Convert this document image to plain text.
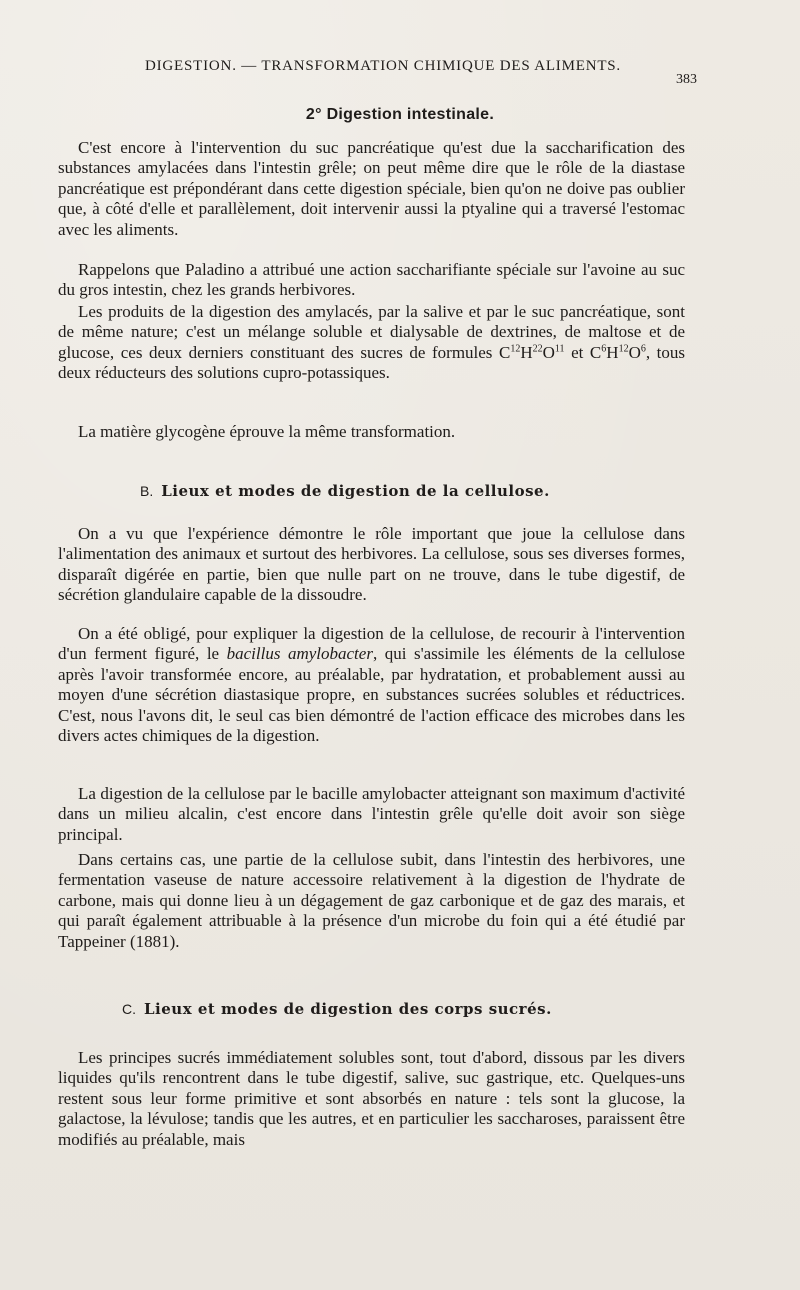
DIGESTION. — TRANSFORMATION CHIMIQUE DES ALIMENTS.
383
2° Digestion intestinale.

C'est encore à l'intervention du suc pancréatique qu'est due la saccharification des substances amylacées dans l'intestin grêle; on peut même dire que le rôle de la diastase pancréatique est prépondérant dans cette digestion spéciale, bien qu'on ne doive pas oublier que, à côté d'elle et parallèlement, doit intervenir aussi la ptyaline qui a traversé l'estomac avec les aliments.

Rappelons que Paladino a attribué une action saccharifiante spéciale sur l'avoine au suc du gros intestin, chez les grands herbivores.

Les produits de la digestion des amylacés, par la salive et par le suc pancréatique, sont de même nature; c'est un mélange soluble et dialysable de dextrines, de maltose et de glucose, ces deux derniers constituant des sucres de formules $C^{12}H^{22}O^{11}$ et $C^6H^{12}O^6$, tous deux réducteurs des solutions cupro-potassiques.

La matière glycogène éprouve la même transformation.

B. Lieux et modes de digestion de la cellulose.

On a vu que l'expérience démontre le rôle important que joue la cellulose dans l'alimentation des animaux et surtout des herbivores. La cellulose, sous ses diverses formes, disparaît digérée en partie, bien que nulle part on ne trouve, dans le tube digestif, de sécrétion glandulaire capable de la dissoudre.

On a été obligé, pour expliquer la digestion de la cellulose, de recourir à l'intervention d'un ferment figuré, le bacillus amylobacter, qui s'assimile les éléments de la cellulose après l'avoir transformée encore, au préalable, par hydratation, et probablement aussi au moyen d'une sécrétion diastasique propre, en substances sucrées solubles et réductrices. C'est, nous l'avons dit, le seul cas bien démontré de l'action efficace des microbes dans les divers actes chimiques de la digestion.

La digestion de la cellulose par le bacille amylobacter atteignant son maximum d'activité dans un milieu alcalin, c'est encore dans l'intestin grêle qu'elle doit avoir son siège principal.

Dans certains cas, une partie de la cellulose subit, dans l'intestin des herbivores, une fermentation vaseuse de nature accessoire relativement à la digestion de l'hydrate de carbone, mais qui donne lieu à un dégagement de gaz carbonique et de gaz des marais, et qui paraît également attribuable à la présence d'un microbe du foin qui a été étudié par Tappeiner (1881).

C. Lieux et modes de digestion des corps sucrés.

Les principes sucrés immédiatement solubles sont, tout d'abord, dissous par les divers liquides qu'ils rencontrent dans le tube digestif, salive, suc gastrique, etc. Quelques-uns restent sous leur forme primitive et sont absorbés en nature : tels sont la glucose, la galactose, la lévulose; tandis que les autres, et en particulier les saccharoses, paraissent être modifiés au préalable, mais
